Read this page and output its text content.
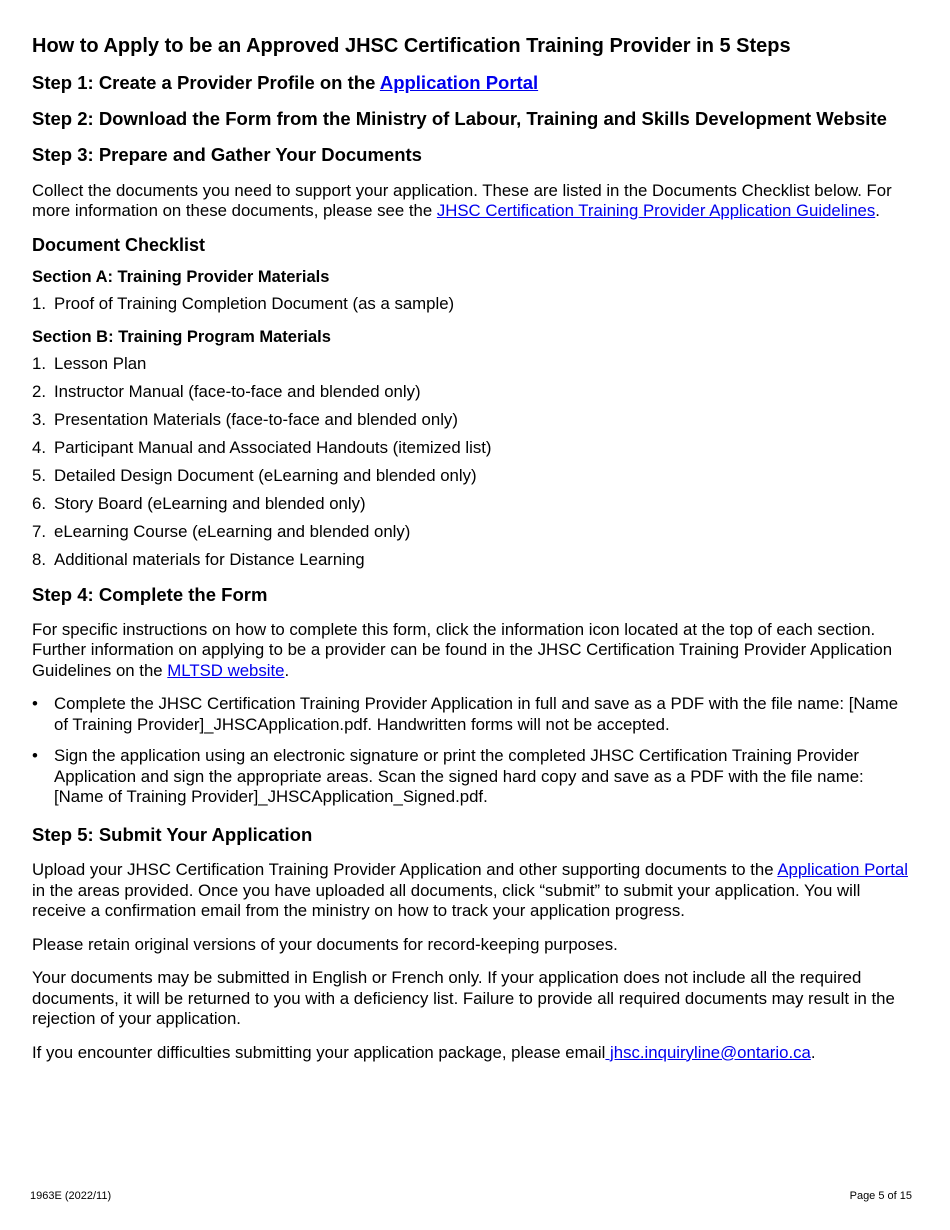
How to Apply to be an Approved JHSC Certification Training Provider in 5 Steps
Step 1: Create a Provider Profile on the Application Portal
Step 2: Download the Form from the Ministry of Labour, Training and Skills Development Website
Step 3: Prepare and Gather Your Documents

Collect the documents you need to support your application. These are listed in the Documents Checklist below. For more information on these documents, please see the JHSC Certification Training Provider Application Guidelines.

Document Checklist
Section A: Training Provider Materials
1. Proof of Training Completion Document (as a sample)
Section B: Training Program Materials
1. Lesson Plan
2. Instructor Manual (face-to-face and blended only)
3. Presentation Materials (face-to-face and blended only)
4. Participant Manual and Associated Handouts (itemized list)
5. Detailed Design Document (eLearning and blended only)
6. Story Board (eLearning and blended only)
7. eLearning Course (eLearning and blended only)
8. Additional materials for Distance Learning
Step 4: Complete the Form

For specific instructions on how to complete this form, click the information icon located at the top of each section. Further information on applying to be a provider can be found in the JHSC Certification Training Provider Application Guidelines on the MLTSD website.

• Complete the JHSC Certification Training Provider Application in full and save as a PDF with the file name: [Name of Training Provider]_JHSCApplication.pdf. Handwritten forms will not be accepted.
• Sign the application using an electronic signature or print the completed JHSC Certification Training Provider Application and sign the appropriate areas. Scan the signed hard copy and save as a PDF with the file name: [Name of Training Provider]_JHSCApplication_Signed.pdf.
Step 5: Submit Your Application

Upload your JHSC Certification Training Provider Application and other supporting documents to the Application Portal in the areas provided. Once you have uploaded all documents, click “submit” to submit your application. You will receive a confirmation email from the ministry on how to track your application progress.

Please retain original versions of your documents for record-keeping purposes.

Your documents may be submitted in English or French only. If your application does not include all the required documents, it will be returned to you with a deficiency list. Failure to provide all required documents may result in the rejection of your application.

If you encounter difficulties submitting your application package, please email jhsc.inquiryline@ontario.ca.

1963E (2022/11)	Page 5 of 15
